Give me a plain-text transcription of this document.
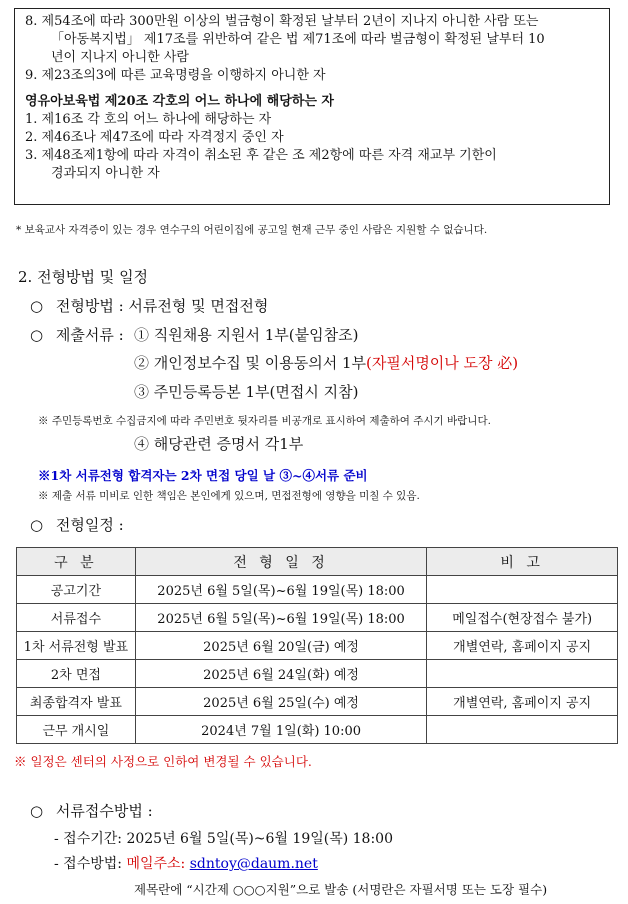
8. 제54조에 따라 300만원 이상의 벌금형이 확정된 날부터 2년이 지나지 아니한 사람 또는
「아동복지법」 제17조를 위반하여 같은 법 제71조에 따라 벌금형이 확정된 날부터 10
년이 지나지 아니한 사람
9. 제23조의3에 따른 교육명령을 이행하지 아니한 자
영유아보육법 제20조 각호의 어느 하나에 해당하는 자
1. 제16조 각 호의 어느 하나에 해당하는 자
2. 제46조나 제47조에 따라 자격정지 중인 자
3. 제48조제1항에 따라 자격이 취소된 후 같은 조 제2항에 따른 자격 재교부 기한이
경과되지 아니한 자
* 보육교사 자격증이 있는 경우 연수구의 어린이집에 공고일 현재 근무 중인 사람은 지원할 수 없습니다.
2. 전형방법 및 일정
○ 전형방법 : 서류전형 및 면접전형
○ 제출서류 : ① 직원채용 지원서 1부(붙임참조)
② 개인정보수집 및 이용동의서 1부(자필서명이나 도장 必)
③ 주민등록등본 1부(면접시 지참)
※ 주민등록번호 수집금지에 따라 주민번호 뒷자리를 비공개로 표시하여 제출하여 주시기 바랍니다.
④ 해당관련 증명서 각1부
※1차 서류전형 합격자는 2차 면접 당일 날 ③~④서류 준비
※ 제출 서류 미비로 인한 책임은 본인에게 있으며, 면접전형에 영향을 미칠 수 있음.
○ 전형일정 :
구 분	전 형 일 정	비 고
공고기간	2025년 6월 5일(목)~6월 19일(목) 18:00	
서류접수	2025년 6월 5일(목)~6월 19일(목) 18:00	메일접수(현장접수 불가)
1차 서류전형 발표	2025년 6월 20일(금) 예정	개별연락, 홈페이지 공지
2차 면접	2025년 6월 24일(화) 예정	
최종합격자 발표	2025년 6월 25일(수) 예정	개별연락, 홈페이지 공지
근무 개시일	2024년 7월 1일(화) 10:00	
※ 일정은 센터의 사정으로 인하여 변경될 수 있습니다.
○ 서류접수방법 :
- 접수기간: 2025년 6월 5일(목)~6월 19일(목) 18:00
- 접수방법: 메일주소: sdntoy@daum.net
제목란에 “시간제 ○○○지원”으로 발송 (서명란은 자필서명 또는 도장 필수)
